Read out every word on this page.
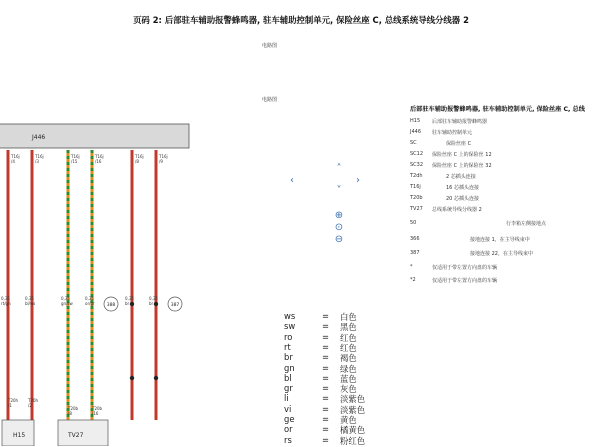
页码 2: 后部驻车辅助报警蜂鸣器, 驻车辅助控制单元, 保险丝座 C, 总线系统导线分线器 2
电路图
电路图
J446
T16j /4
0,35 rt/gn
T16j /3
0,35 bl/ws
T16j /15
0,35 gn/sw
T16j /16
0,35 or/gr
T16j /8
0,35 br
T16j /9
0,35 br
388	387
T20h /1
T20h /2
T20b /8
T20b /16
H15	TV27
‹
˄
˅
›
⊕
⊙
⊖
后部驻车辅助报警蜂鸣器, 驻车辅助控制单元, 保险丝座 C, 总线
H15 后部驻车辅助报警蜂鸣器
J446 驻车辅助控制单元
SC	保险丝座 C
SC12 保险丝座 C 上的保险丝 12
SC32 保险丝座 C 上的保险丝 32
T2dh	2 芯插头连接
T16j	16 芯插头连接
T20b	20 芯插头连接
TV27 总线系统导线分线器 2
50	行李箱左侧接地点
366	接地连接 1，在主导线束中
387	接地连接 22，在主导线束中
*	仅适用于带左置方向盘的车辆
*2	仅适用于带左置方向盘的车辆
ws	= 白色
sw	= 黑色
ro	= 红色
rt	= 红色
br	= 褐色
gn	= 绿色
bl	= 蓝色
gr	= 灰色
li	= 淡紫色
vi	= 淡紫色
ge	= 黄色
or	= 橘黄色
rs	= 粉红色
